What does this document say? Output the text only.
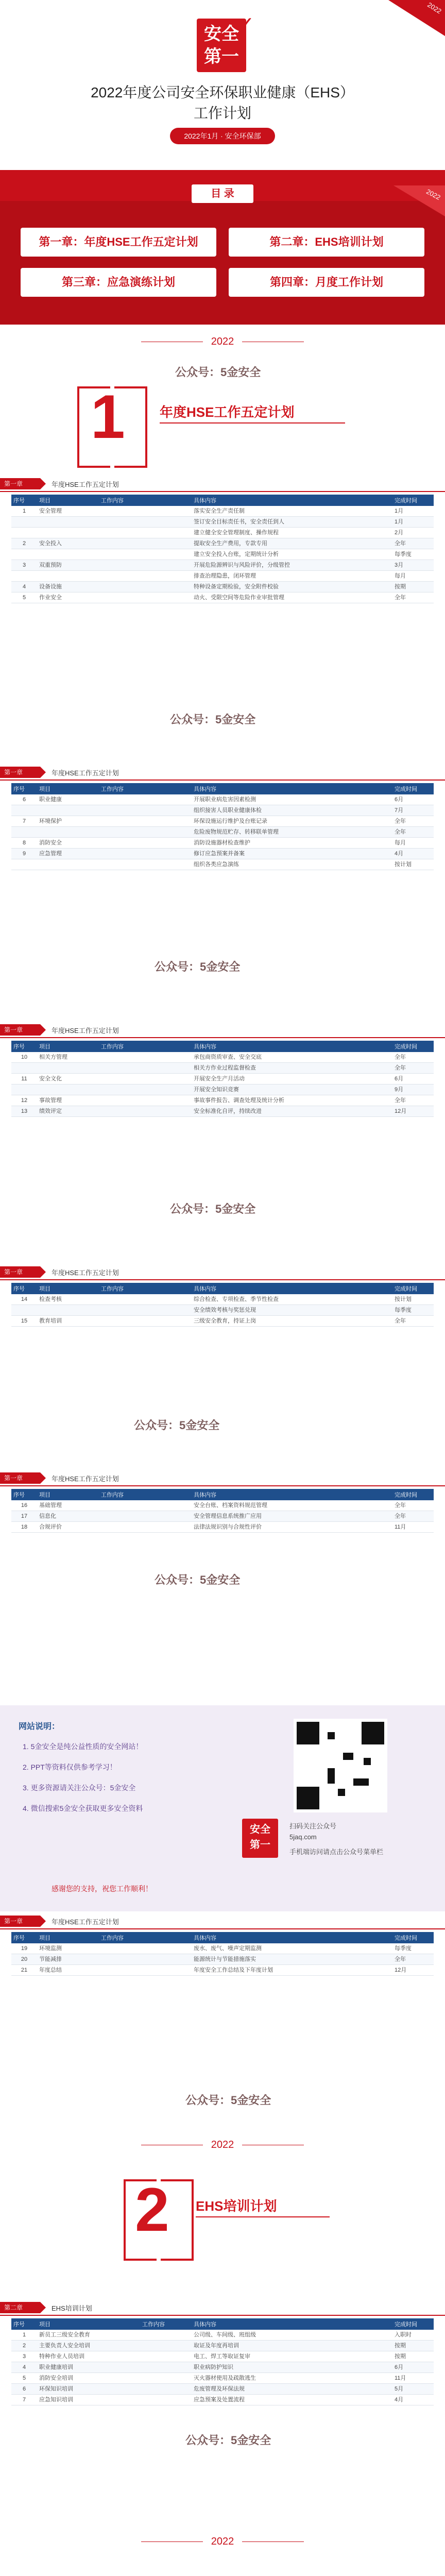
2022
安全
第一
✓
2022年度公司安全环保职业健康（EHS）
工作计划
2022年1月 · 安全环保部
2022
目 录
第一章：年度HSE工作五定计划	第二章：EHS培训计划
第三章：应急演练计划	第四章：月度工作计划
2022
公众号：5金安全
1	年度HSE工作五定计划
第一章	年度HSE工作五定计划
序号	项目	工作内容	具体内容	完成时间
1	安全管理		落实安全生产责任制	1月
			签订安全目标责任书，安全责任到人	1月
			建立健全安全管理制度、操作规程	2月
2	安全投入		提取安全生产费用，专款专用	全年
			建立安全投入台账，定期统计分析	每季度
3	双重预防		开展危险源辨识与风险评价，分级管控	3月
			排查治理隐患，闭环管理	每月
4	设备设施		特种设备定期检验，安全附件校验	按期
5	作业安全		动火、受限空间等危险作业审批管理	全年
公众号：5金安全
第一章	年度HSE工作五定计划
序号	项目	工作内容	具体内容	完成时间
6	职业健康		开展职业病危害因素检测	6月
			组织接害人员职业健康体检	7月
7	环境保护		环保设施运行维护及台账记录	全年
			危险废物规范贮存、转移联单管理	全年
8	消防安全		消防设施器材检查维护	每月
9	应急管理		修订应急预案并备案	4月
			组织各类应急演练	按计划
公众号：5金安全
第一章	年度HSE工作五定计划
序号	项目	工作内容	具体内容	完成时间
10	相关方管理		承包商资质审查、安全交底	全年
			相关方作业过程监督检查	全年
11	安全文化		开展安全生产月活动	6月
			开展安全知识竞赛	9月
12	事故管理		事故事件报告、调查处理及统计分析	全年
13	绩效评定		安全标准化自评，持续改进	12月
公众号：5金安全
第一章	年度HSE工作五定计划
序号	项目	工作内容	具体内容	完成时间
14	检查考核		综合检查、专项检查、季节性检查	按计划
			安全绩效考核与奖惩兑现	每季度
15	教育培训		三级安全教育，持证上岗	全年
公众号：5金安全
第一章	年度HSE工作五定计划
序号	项目	工作内容	具体内容	完成时间
16	基础管理		安全台账、档案资料规范管理	全年
17	信息化		安全管理信息系统推广应用	全年
18	合规评价		法律法规识别与合规性评价	11月
公众号：5金安全
网站说明：
1. 5金安全是纯公益性质的安全网站！
2. PPT等资料仅供参考学习！
3. 更多资源请关注公众号：5金安全
4. 微信搜索5金安全获取更多安全资料
安全
第一
扫码关注公众号
5jaq.com
手机端访问请点击公众号菜单栏
感谢您的支持，祝您工作顺利！
第一章	年度HSE工作五定计划
序号	项目	工作内容	具体内容	完成时间
19	环境监测		废水、废气、噪声定期监测	每季度
20	节能减排		能源统计与节能措施落实	全年
21	年度总结		年度安全工作总结及下年度计划	12月
公众号：5金安全
2022
2 EHS培训计划
第二章	EHS培训计划
序号	项目	工作内容	具体内容	完成时间
1	新员工三级安全教育		公司级、车间级、班组级	入职时
2	主要负责人安全培训		取证及年度再培训	按期
3	特种作业人员培训		电工、焊工等取证复审	按期
4	职业健康培训		职业病防护知识	6月
5	消防安全培训		灭火器材使用及疏散逃生	11月
6	环保知识培训		危废管理及环保法规	5月
7	应急知识培训		应急预案及处置流程	4月
公众号：5金安全
2022
